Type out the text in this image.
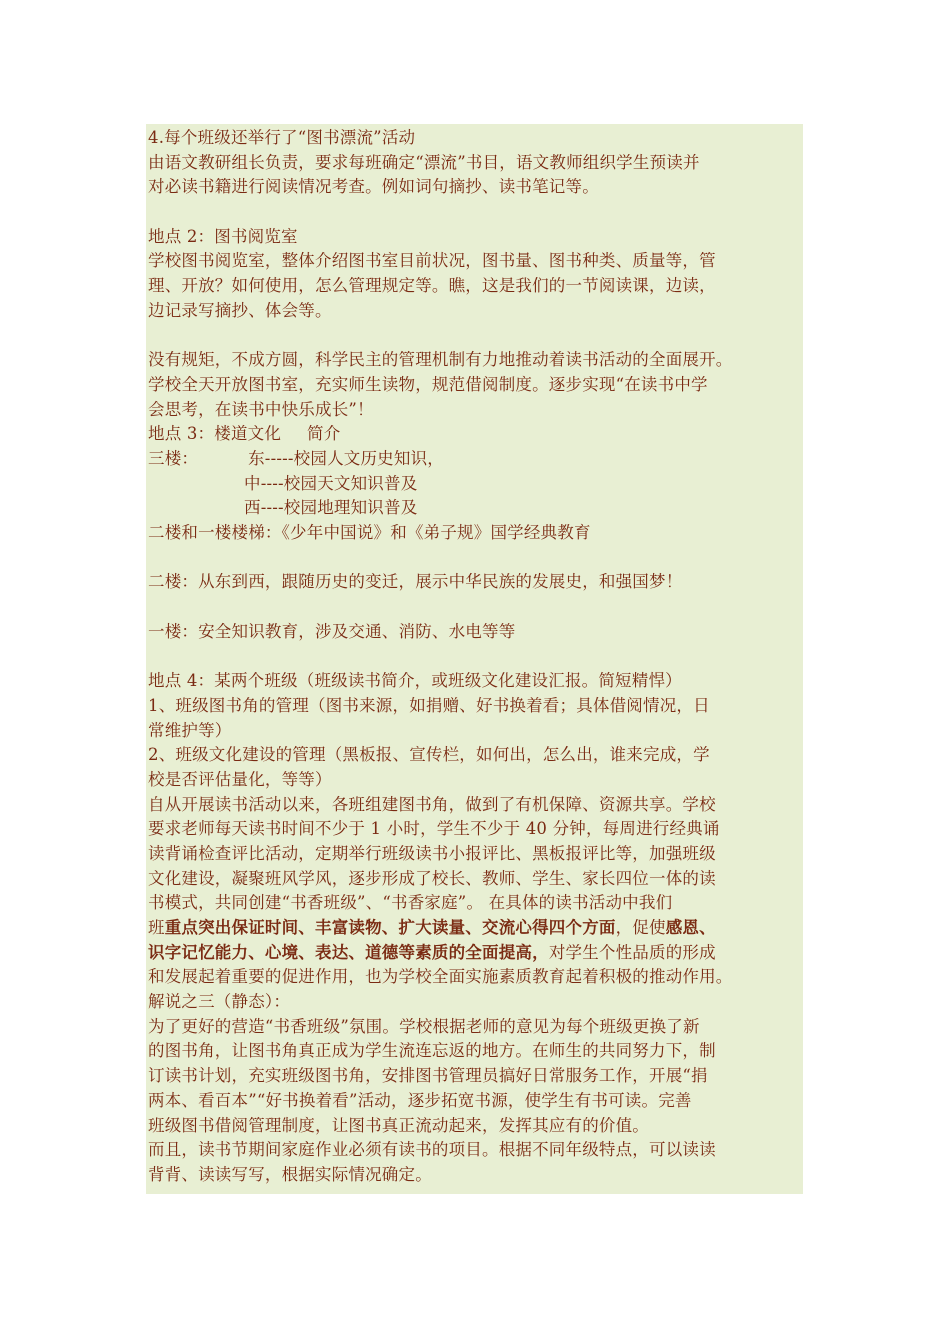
4.每个班级还举行了“图书漂流”活动
由语文教研组长负责，要求每班确定“漂流”书目，语文教师组织学生预读并
对必读书籍进行阅读情况考查。例如词句摘抄、读书笔记等。
地点 2：图书阅览室
学校图书阅览室，整体介绍图书室目前状况，图书量、图书种类、质量等，管
理、开放？如何使用，怎么管理规定等。瞧，这是我们的一节阅读课，边读，
边记录写摘抄、体会等。
没有规矩，不成方圆，科学民主的管理机制有力地推动着读书活动的全面展开。
学校全天开放图书室，充实师生读物，规范借阅制度。逐步实现“在读书中学
会思考，在读书中快乐成长”！
地点 3：楼道文化 简介
三楼：	东-----校园人文历史知识，
中----校园天文知识普及
西----校园地理知识普及
二楼和一楼楼梯：《少年中国说》和《弟子规》国学经典教育
二楼：从东到西，跟随历史的变迁，展示中华民族的发展史，和强国梦！
一楼：安全知识教育，涉及交通、消防、水电等等
地点 4：某两个班级（班级读书简介，或班级文化建设汇报。简短精悍）
1、班级图书角的管理（图书来源，如捐赠、好书换着看；具体借阅情况，日
常维护等）
2、班级文化建设的管理（黑板报、宣传栏，如何出，怎么出，谁来完成，学
校是否评估量化，等等）
自从开展读书活动以来，各班组建图书角，做到了有机保障、资源共享。学校
要求老师每天读书时间不少于 1 小时，学生不少于 40 分钟，每周进行经典诵
读背诵检查评比活动，定期举行班级读书小报评比、黑板报评比等，加强班级
文化建设，凝聚班风学风，逐步形成了校长、教师、学生、家长四位一体的读
书模式，共同创建“书香班级”、“书香家庭”。 在具体的读书活动中我们
班重点突出保证时间、丰富读物、扩大读量、交流心得四个方面，促使感恩、
识字记忆能力、心境、表达、道德等素质的全面提高，对学生个性品质的形成
和发展起着重要的促进作用，也为学校全面实施素质教育起着积极的推动作用。
解说之三（静态）：
为了更好的营造“书香班级”氛围。学校根据老师的意见为每个班级更换了新
的图书角，让图书角真正成为学生流连忘返的地方。在师生的共同努力下，制
订读书计划，充实班级图书角，安排图书管理员搞好日常服务工作，开展“捐
两本、看百本”“好书换着看”活动，逐步拓宽书源，使学生有书可读。完善
班级图书借阅管理制度，让图书真正流动起来，发挥其应有的价值。
而且，读书节期间家庭作业必须有读书的项目。根据不同年级特点，可以读读
背背、读读写写，根据实际情况确定。
